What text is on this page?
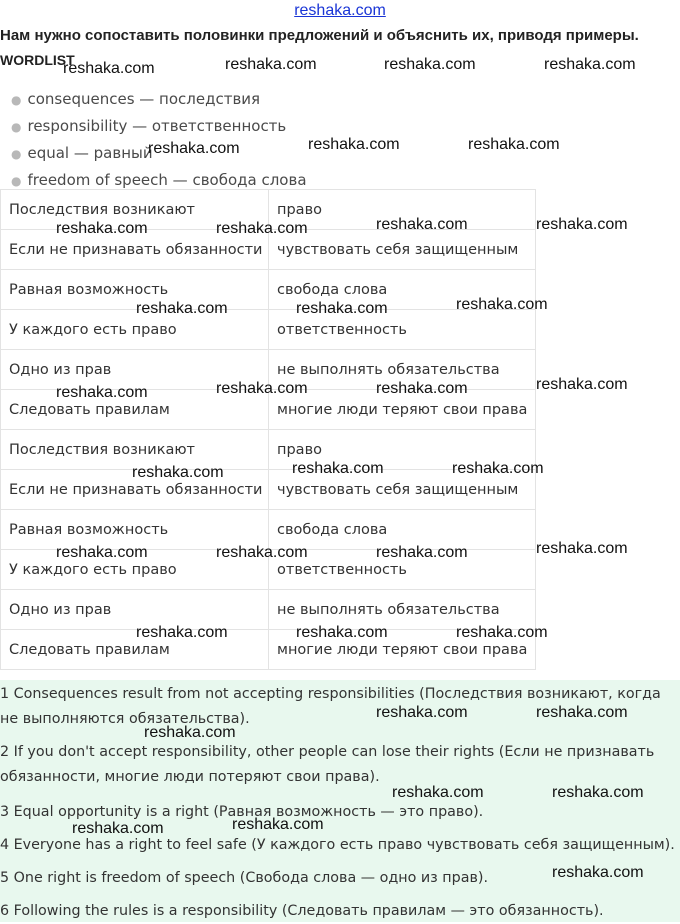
reshaka.com
Нам нужно сопоставить половинки предложений и объяснить их, приводя примеры.
WORDLIST
● consequences — последствия
● responsibility — ответственность
● equal — равный
● freedom of speech — свобода слова
Последствия возникают	право
Если не признавать обязанности	чувствовать себя защищенным
Равная возможность	свобода слова
У каждого есть право	ответственность
Одно из прав	не выполнять обязательства
Следовать правилам	многие люди теряют свои права
Последствия возникают	право
Если не признавать обязанности	чувствовать себя защищенным
Равная возможность	свобода слова
У каждого есть право	ответственность
Одно из прав	не выполнять обязательства
Следовать правилам	многие люди теряют свои права

1 Consequences result from not accepting responsibilities (Последствия возникают, когда не выполняются обязательства).

2 If you don't accept responsibility, other people can lose their rights (Если не признавать обязанности, многие люди потеряют свои права).

3 Equal opportunity is a right (Равная возможность — это право).

4 Everyone has a right to feel safe (У каждого есть право чувствовать себя защищенным).

5 One right is freedom of speech (Свобода слова — одно из прав).

6 Following the rules is a responsibility (Следовать правилам — это обязанность).

reshaka.com	reshaka.com	reshaka.com	reshaka.com
reshaka.com	reshaka.com	reshaka.com
reshaka.com	reshaka.com	reshaka.com	reshaka.com
reshaka.com	reshaka.com	reshaka.com
reshaka.com	reshaka.com	reshaka.com	reshaka.com
reshaka.com	reshaka.com	reshaka.com
reshaka.com	reshaka.com	reshaka.com	reshaka.com
reshaka.com	reshaka.com	reshaka.com
reshaka.com	reshaka.com
reshaka.com
reshaka.com	reshaka.com
reshaka.com	reshaka.com
reshaka.com
